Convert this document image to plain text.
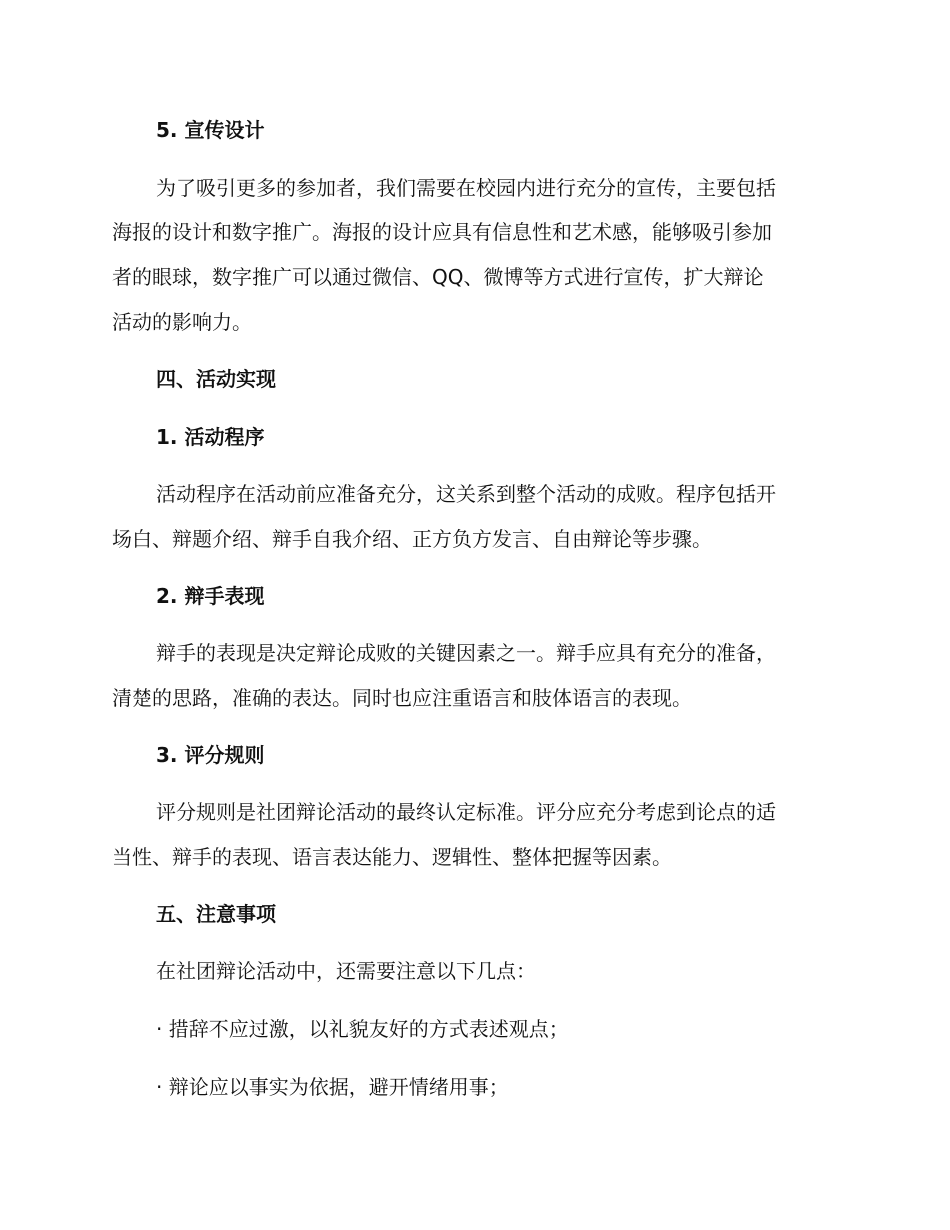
5. 宣传设计
为了吸引更多的参加者，我们需要在校园内进行充分的宣传，主要包括
海报的设计和数字推广。海报的设计应具有信息性和艺术感，能够吸引参加
者的眼球，数字推广可以通过微信、QQ、微博等方式进行宣传，扩大辩论
活动的影响力。
四、活动实现
1. 活动程序
活动程序在活动前应准备充分，这关系到整个活动的成败。程序包括开
场白、辩题介绍、辩手自我介绍、正方负方发言、自由辩论等步骤。
2. 辩手表现
辩手的表现是决定辩论成败的关键因素之一。辩手应具有充分的准备，
清楚的思路，准确的表达。同时也应注重语言和肢体语言的表现。
3. 评分规则
评分规则是社团辩论活动的最终认定标准。评分应充分考虑到论点的适
当性、辩手的表现、语言表达能力、逻辑性、整体把握等因素。
五、注意事项
在社团辩论活动中，还需要注意以下几点：
· 措辞不应过激，以礼貌友好的方式表述观点；
· 辩论应以事实为依据，避开情绪用事；
